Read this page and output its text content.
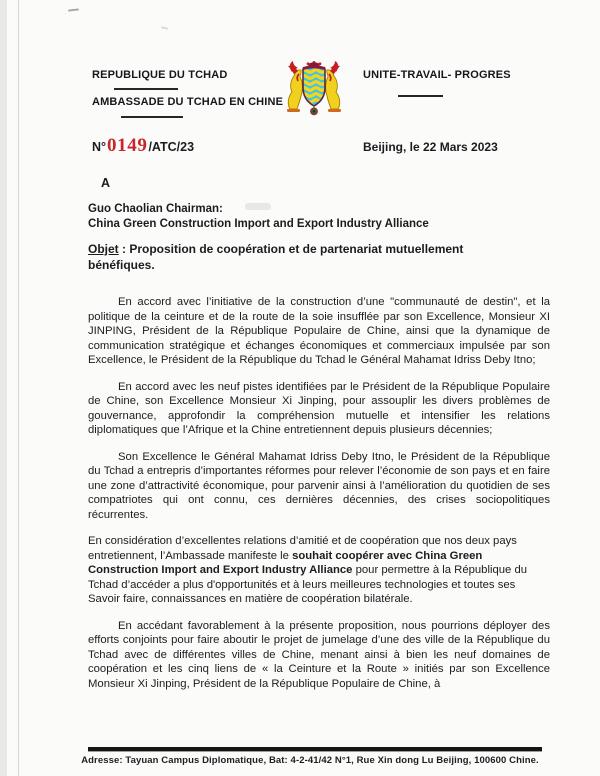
REPUBLIQUE DU TCHAD
AMBASSADE DU TCHAD EN CHINE
UNITE-TRAVAIL- PROGRES
N° 0149 /ATC/23	Beijing, le 22 Mars 2023
A
Guo Chaolian Chairman:
China Green Construction Import and Export Industry Alliance
Objet : Proposition de coopération et de partenariat mutuellement
bénéfiques.

En accord avec l’initiative de la construction d’une "communauté de destin", et la politique de la ceinture et de la route de la soie insufflée par son Excellence, Monsieur XI JINPING, Président de la République Populaire de Chine, ainsi que la dynamique de communication stratégique et échanges économiques et commerciaux impulsée par son Excellence, le Président de la République du Tchad le Général Mahamat Idriss Deby Itno;

En accord avec les neuf pistes identifiées par le Président de la République Populaire de Chine, son Excellence Monsieur Xi Jinping, pour assouplir les divers problèmes de gouvernance, approfondir la compréhension mutuelle et intensifier les relations diplomatiques que l’Afrique et la Chine entretiennent depuis plusieurs décennies;

Son Excellence le Général Mahamat Idriss Deby Itno, le Président de la République du Tchad a entrepris d’importantes réformes pour relever l’économie de son pays et en faire une zone d’attractivité économique, pour parvenir ainsi à l’amélioration du quotidien de ses compatriotes qui ont connu, ces dernières décennies, des crises sociopolitiques récurrentes.

En considération d’excellentes relations d’amitié et de coopération que nos deux pays entretiennent, l’Ambassade manifeste le souhait coopérer avec China Green Construction Import and Export Industry Alliance pour permettre à la République du Tchad d’accéder a plus d'opportunités et à leurs meilleures technologies et toutes ses Savoir faire, connaissances en matière de coopération bilatérale.

En accédant favorablement à la présente proposition, nous pourrions déployer des efforts conjoints pour faire aboutir le projet de jumelage d’une des ville de la République du Tchad avec de différentes villes de Chine, menant ainsi à bien les neuf domaines de coopération et les cinq liens de « la Ceinture et la Route » initiés par son Excellence Monsieur Xi Jinping, Président de la République Populaire de Chine, à

Adresse: Tayuan Campus Diplomatique, Bat: 4-2-41/42 N°1, Rue Xin dong Lu Beijing, 100600 Chine.
